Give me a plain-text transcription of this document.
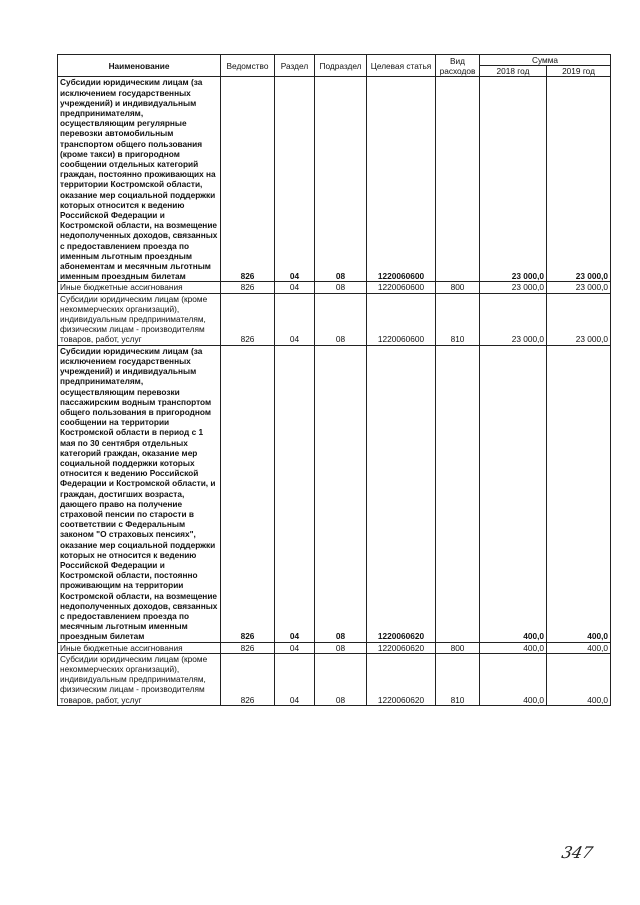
Наименование	Ведомство	Раздел	Подраздел	Целевая статья	Вид расходов	Сумма	
						2018 год	2019 год
Субсидии юридическим лицам (за исключением государственных учреждений) и индивидуальным предпринимателям, осуществляющим регулярные перевозки автомобильным транспортом общего пользования (кроме такси) в пригородном сообщении отдельных категорий граждан, постоянно проживающих на территории Костромской области, оказание мер социальной поддержки которых относится к ведению Российской Федерации и Костромской области, на возмещение недополученных доходов, связанных с предоставлением проезда по именным льготным проездным абонементам и месячным льготным именным проездным билетам	826	04	08	1220060600		23 000,0	23 000,0
Иные бюджетные ассигнования	826	04	08	1220060600	800	23 000,0	23 000,0
Субсидии юридическим лицам (кроме некоммерческих организаций), индивидуальным предпринимателям, физическим лицам - производителям товаров, работ, услуг	826	04	08	1220060600	810	23 000,0	23 000,0
Субсидии юридическим лицам (за исключением государственных учреждений) и индивидуальным предпринимателям, осуществляющим перевозки пассажирским водным транспортом общего пользования в пригородном сообщении на территории Костромской области в период с 1 мая по 30 сентября отдельных категорий граждан, оказание мер социальной поддержки которых относится к ведению Российской Федерации и Костромской области, и граждан, достигших возраста, дающего право на получение страховой пенсии по старости в соответствии с Федеральным законом "О страховых пенсиях", оказание мер социальной поддержки которых не относится к ведению Российской Федерации и Костромской области, постоянно проживающим на территории Костромской области, на возмещение недополученных доходов, связанных с предоставлением проезда по месячным льготным именным проездным билетам	826	04	08	1220060620		400,0	400,0
Иные бюджетные ассигнования	826	04	08	1220060620	800	400,0	400,0
Субсидии юридическим лицам (кроме некоммерческих организаций), индивидуальным предпринимателям, физическим лицам - производителям товаров, работ, услуг	826	04	08	1220060620	810	400,0	400,0
347
